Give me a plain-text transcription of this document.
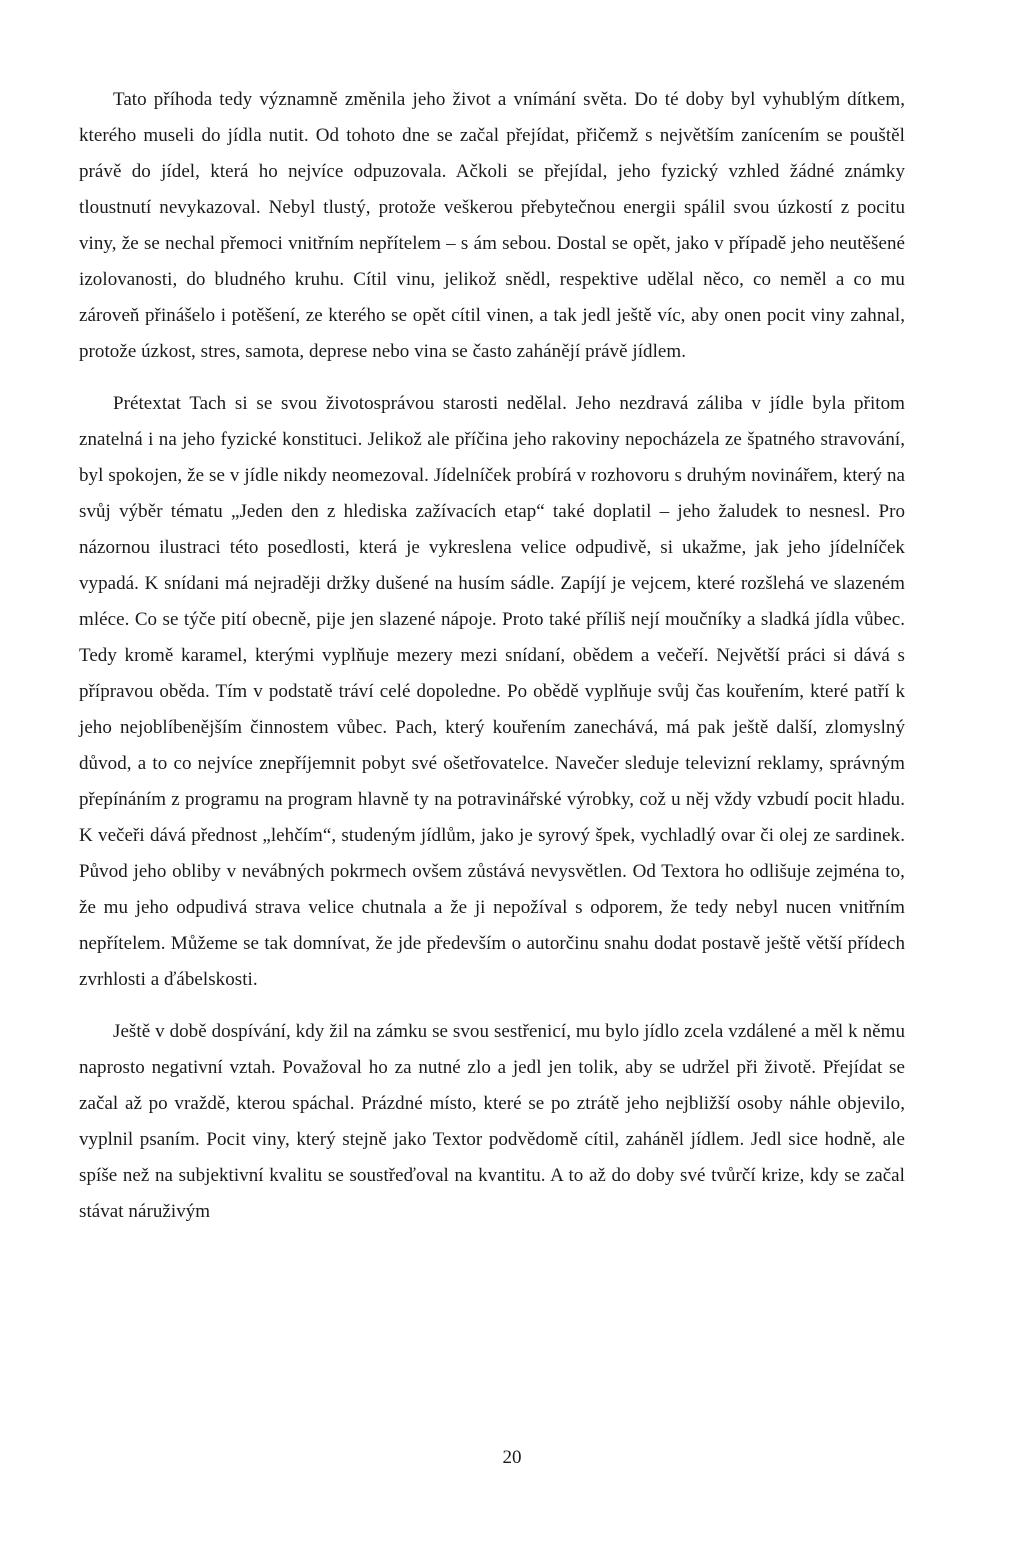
Tato příhoda tedy významně změnila jeho život a vnímání světa. Do té doby byl vyhublým dítkem, kterého museli do jídla nutit. Od tohoto dne se začal přejídat, přičemž s největším zanícením se pouštěl právě do jídel, která ho nejvíce odpuzovala. Ačkoli se přejídal, jeho fyzický vzhled žádné známky tloustnutí nevykazoval. Nebyl tlustý, protože veškerou přebytečnou energii spálil svou úzkostí z pocitu viny, že se nechal přemoci vnitřním nepřítelem – s ám sebou. Dostal se opět, jako v případě jeho neutěšené izolovanosti, do bludného kruhu. Cítil vinu, jelikož snědl, respektive udělal něco, co neměl a co mu zároveň přinášelo i potěšení, ze kterého se opět cítil vinen, a tak jedl ještě víc, aby onen pocit viny zahnal, protože úzkost, stres, samota, deprese nebo vina se často zahánějí právě jídlem.

Prétextat Tach si se svou životosprávou starosti nedělal. Jeho nezdravá záliba v jídle byla přitom znatelná i na jeho fyzické konstituci. Jelikož ale příčina jeho rakoviny nepocházela ze špatného stravování, byl spokojen, že se v jídle nikdy neomezoval. Jídelníček probírá v rozhovoru s druhým novinářem, který na svůj výběr tématu „Jeden den z hlediska zažívacích etap“ také doplatil – jeho žaludek to nesnesl. Pro názornou ilustraci této posedlosti, která je vykreslena velice odpudivě, si ukažme, jak jeho jídelníček vypadá. K snídani má nejraději držky dušené na husím sádle. Zapíjí je vejcem, které rozšlehá ve slazeném mléce. Co se týče pití obecně, pije jen slazené nápoje. Proto také příliš nejí moučníky a sladká jídla vůbec. Tedy kromě karamel, kterými vyplňuje mezery mezi snídaní, obědem a večeří. Největší práci si dává s přípravou oběda. Tím v podstatě tráví celé dopoledne. Po obědě vyplňuje svůj čas kouřením, které patří k jeho nejoblíbenějším činnostem vůbec. Pach, který kouřením zanechává, má pak ještě další, zlomyslný důvod, a to co nejvíce znepříjemnit pobyt své ošetřovatelce. Navečer sleduje televizní reklamy, správným přepínáním z programu na program hlavně ty na potravinářské výrobky, což u něj vždy vzbudí pocit hladu. K večeři dává přednost „lehčím“, studeným jídlům, jako je syrový špek, vychladlý ovar či olej ze sardinek. Původ jeho obliby v nevábných pokrmech ovšem zůstává nevysvětlen. Od Textora ho odlišuje zejména to, že mu jeho odpudivá strava velice chutnala a že ji nepožíval s odporem, že tedy nebyl nucen vnitřním nepřítelem. Můžeme se tak domnívat, že jde především o autorčinu snahu dodat postavě ještě větší přídech zvrhlosti a ďábelskosti.

Ještě v době dospívání, kdy žil na zámku se svou sestřenicí, mu bylo jídlo zcela vzdálené a měl k němu naprosto negativní vztah. Považoval ho za nutné zlo a jedl jen tolik, aby se udržel při životě. Přejídat se začal až po vraždě, kterou spáchal. Prázdné místo, které se po ztrátě jeho nejbližší osoby náhle objevilo, vyplnil psaním. Pocit viny, který stejně jako Textor podvědomě cítil, zaháněl jídlem. Jedl sice hodně, ale spíše než na subjektivní kvalitu se soustřeďoval na kvantitu. A to až do doby své tvůrčí krize, kdy se začal stávat náruživým

20
